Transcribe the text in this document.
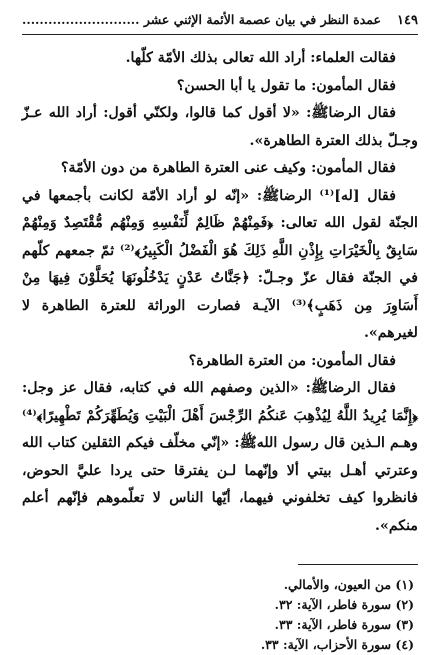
١٤٩
عمدة النظر في بيان عصمة الأئمة الإثني عشر ...........................

فقالت العلماء: أراد الله تعالى بذلك الأمّة كلّها.

فقال المأمون: ما تقول يا أبا الحسن؟

فقال الرضاﷺ: «لا أقول كما قالوا، ولكنّي أقول: أراد الله عـزّ وجـلّ بذلك العترة الطاهرة».

فقال المأمون: وكيف عنى العترة الطاهرة من دون الأمّة؟

فقال [له]⁽¹⁾ الرضاﷺ: «إنّه لو أراد الأمّة لكانت بأجمعها في الجنّة لقول الله تعالى: ﴿فَمِنْهُمْ ظَالِمٌ لِّنَفْسِهِ وَمِنْهُم مُّقْتَصِدٌ وَمِنْهُمْ سَابِقٌ بِالْخَيْرَاتِ بِإِذْنِ اللَّهِ ذَلِكَ هُوَ الْفَضْلُ الْكَبِيرُ﴾⁽²⁾ ثمّ جمعهم كلّهم في الجنّة فقال عزّ وجـلّ: ﴿جَنَّاتُ عَدْنٍ يَدْخُلُونَهَا يُحَلَّوْنَ فِيهَا مِنْ أَسَاوِرَ مِن ذَهَبٍ﴾⁽³⁾ الآيـة فصارت الوراثة للعترة الطاهرة لا لغيرهم».

فقال المأمون: من العترة الطاهرة؟

فقال الرضاﷺ: «الذين وصفهم الله في كتابه، فقال عز وجل: ﴿إِنَّمَا يُرِيدُ اللَّهُ لِيُذْهِبَ عَنكُمُ الرِّجْسَ أَهْلَ الْبَيْتِ وَيُطَهِّرَكُمْ تَطْهِيرًا﴾⁽⁴⁾ وهـم الـذين قال رسول اللهﷺ: «إنّي مخلّف فيكم الثقلين كتاب الله وعترتي أهـل بيتي ألا وإنّهما لـن يفترقا حتى يردا عليَّ الحوض، فانظروا كيف تخلفوني فيهما، أيّها الناس لا تعلّموهم فإنّهم أعلم منكم».

(١) من العيون، والأمالي.

(٢) سورة فاطر، الآية: ٣٢.

(٣) سورة فاطر، الآية: ٣٣.

(٤) سورة الأحزاب، الآية: ٣٣.
